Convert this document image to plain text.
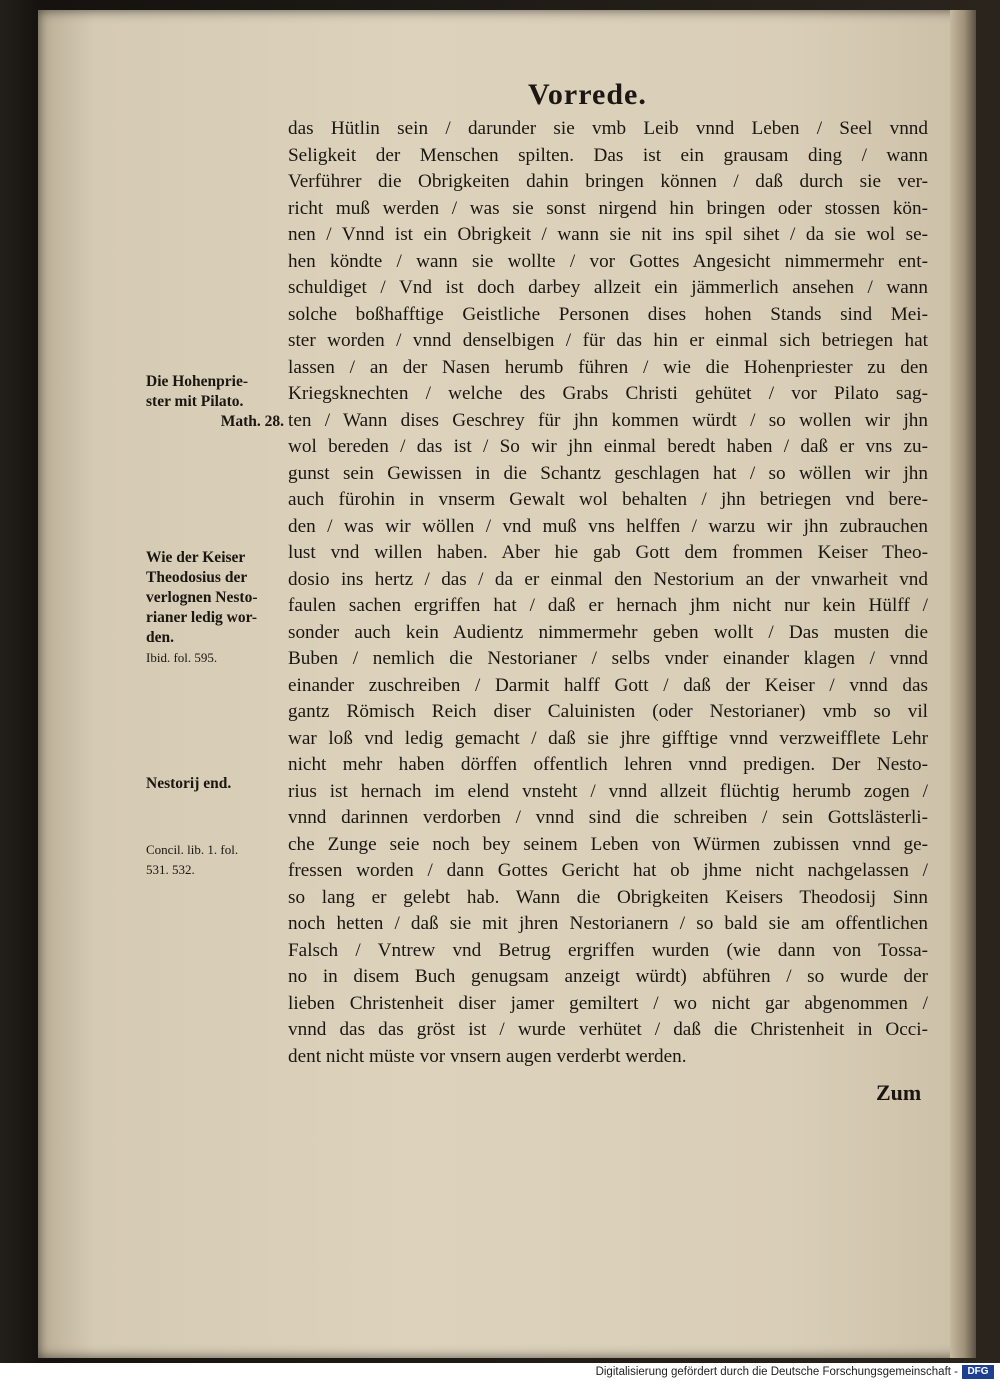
Vorrede.
das Hütlin sein / darunder sie vmb Leib vnnd Leben / Seel vnnd
Seligkeit der Menschen spilten. Das ist ein grausam ding / wann
Verführer die Obrigkeiten dahin bringen können / daß durch sie ver-
richt muß werden / was sie sonst nirgend hin bringen oder stossen kön-
nen / Vnnd ist ein Obrigkeit / wann sie nit ins spil sihet / da sie wol se-
hen köndte / wann sie wollte / vor Gottes Angesicht nimmermehr ent-
schuldiget / Vnd ist doch darbey allzeit ein jämmerlich ansehen / wann
solche boßhafftige Geistliche Personen dises hohen Stands sind Mei-
ster worden / vnnd denselbigen / für das hin er einmal sich betriegen hat
lassen / an der Nasen herumb führen / wie die Hohenpriester zu den
Kriegsknechten / welche des Grabs Christi gehütet / vor Pilato sag-
ten / Wann dises Geschrey für jhn kommen würdt / so wollen wir jhn
wol bereden / das ist / So wir jhn einmal beredt haben / daß er vns zu-
gunst sein Gewissen in die Schantz geschlagen hat / so wöllen wir jhn
auch fürohin in vnserm Gewalt wol behalten / jhn betriegen vnd bere-
den / was wir wöllen / vnd muß vns helffen / warzu wir jhn zubrauchen
lust vnd willen haben. Aber hie gab Gott dem frommen Keiser Theo-
dosio ins hertz / das / da er einmal den Nestorium an der vnwarheit vnd
faulen sachen ergriffen hat / daß er hernach jhm nicht nur kein Hülff /
sonder auch kein Audientz nimmermehr geben wollt / Das musten die
Buben / nemlich die Nestorianer / selbs vnder einander klagen / vnnd
einander zuschreiben / Darmit halff Gott / daß der Keiser / vnnd das
gantz Römisch Reich diser Caluinisten (oder Nestorianer) vmb so vil
war loß vnd ledig gemacht / daß sie jhre gifftige vnnd verzweifflete Lehr
nicht mehr haben dörffen offentlich lehren vnnd predigen. Der Nesto-
rius ist hernach im elend vnsteht / vnnd allzeit flüchtig herumb zogen /
vnnd darinnen verdorben / vnnd sind die schreiben / sein Gottslästerli-
che Zunge seie noch bey seinem Leben von Würmen zubissen vnnd ge-
fressen worden / dann Gottes Gericht hat ob jhme nicht nachgelassen /
so lang er gelebt hab. Wann die Obrigkeiten Keisers Theodosij Sinn
noch hetten / daß sie mit jhren Nestorianern / so bald sie am offentlichen
Falsch / Vntrew vnd Betrug ergriffen wurden (wie dann von Tossa-
no in disem Buch genugsam anzeigt würdt) abführen / so wurde der
lieben Christenheit diser jamer gemiltert / wo nicht gar abgenommen /
vnnd das das gröst ist / wurde verhütet / daß die Christenheit in Occi-
dent nicht müste vor vnsern augen verderbt werden.
Die Hohenprie-
ster mit Pilato.
Math. 28.
Wie der Keiser
Theodosius der
verlognen Nesto-
rianer ledig wor-
den.
Ibid. fol. 595.
Nestorij end.
Concil. lib. 1. fol.
531. 532.
Zum
Digitalisierung gefördert durch die Deutsche Forschungsgemeinschaft - DFG
